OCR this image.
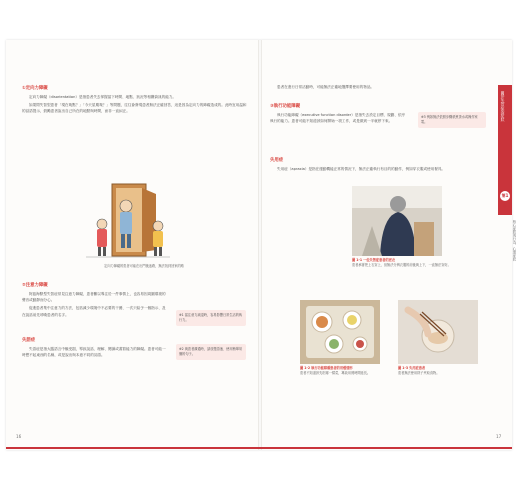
①定向力障礙

定向力障礙（disorientation）是指患者失去掌握當下時間、地點、狀況等相關資訊的能力。

如果問失智型患者「現在幾點？」「今天星期幾？」等問題，往往會發現患者無法正確回答，這是因為定向力的障礙造成的。此時宜用温和的話語提示，鼓勵患者說出自己所在的地點與時間，而非一直糾正。

定向力障礙的患者可能在出門後迷路，無法找到回家的路
②注意力障礙

阿茲海默型失智症常見注意力障礙，患者難以專注於一件事情上，也容易因周圍環境的聲音或動靜而分心。

促進患者集中注意力的方法，包括減少環境中不必要的干擾、一次只給予一個指示、及在說話前先呼喚患者的名字。	※1 當注意力減退時，容易影響日常生活的執行力。
失語症

失語症是指大腦語言中樞受損，導致說話、理解、閱讀或書寫能力的障礙。患者可能一時想不起東西的名稱，或是說出與本意不同的詞語。

※2 與患者溝通時，請放慢語速、使用簡單易懂的句子。
16

患者在進行日常活動時，可能無法正確地選擇要使用的物品。

③執行功能障礙

執行功能障礙（executive function disorder）是指失去設定目標、規劃、依序執行的能力。患者可能不知道該如何開始一項工作，或是做到一半就停下來。

※3 例如無法依照步驟煩煮茶水或操作家電。
失用症

失用症（apraxia）是指在運動機能正常的情況下，無法正確執行有目的的動作，例如穿衣服或使用餐具。

圖 1-1 一位失智症患者的更衣
患者承著把上衣穿上，但無法分辨衣服的前後與上下，一直無法穿好。
圖 1-2 執行功能障礙患者的用餐情形
患者不知道該先吃哪一樣菜，導致用餐時間延長。
圖 1-3 失用症患者
患者無法使用筷子夾取食物。
關於失智症的症狀
第1章
核心症狀與行為、心理症狀
17
